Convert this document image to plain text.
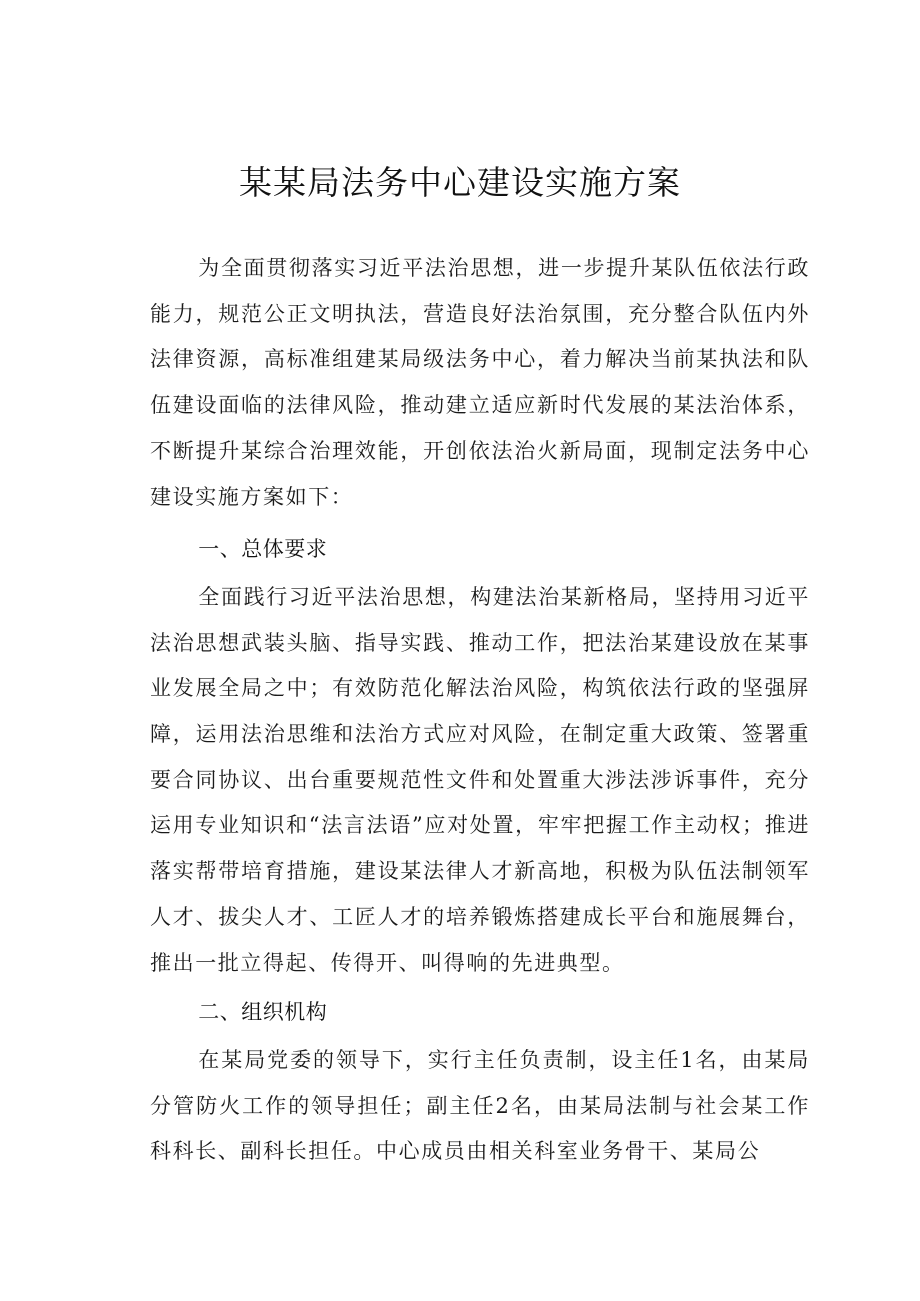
某某局法务中心建设实施方案

为全面贯彻落实习近平法治思想，进一步提升某队伍依法行政能力，规范公正文明执法，营造良好法治氛围，充分整合队伍内外法律资源，高标准组建某局级法务中心，着力解决当前某执法和队伍建设面临的法律风险，推动建立适应新时代发展的某法治体系，不断提升某综合治理效能，开创依法治火新局面，现制定法务中心建设实施方案如下：

一、总体要求

全面践行习近平法治思想，构建法治某新格局，坚持用习近平法治思想武装头脑、指导实践、推动工作，把法治某建设放在某事业发展全局之中；有效防范化解法治风险，构筑依法行政的坚强屏障，运用法治思维和法治方式应对风险，在制定重大政策、签署重要合同协议、出台重要规范性文件和处置重大涉法涉诉事件，充分运用专业知识和“法言法语”应对处置，牢牢把握工作主动权；推进落实帮带培育措施，建设某法律人才新高地，积极为队伍法制领军人才、拔尖人才、工匠人才的培养锻炼搭建成长平台和施展舞台，推出一批立得起、传得开、叫得响的先进典型。

二、组织机构

在某局党委的领导下，实行主任负责制，设主任1名，由某局分管防火工作的领导担任；副主任2名，由某局法制与社会某工作科科长、副科长担任。中心成员由相关科室业务骨干、某局公
